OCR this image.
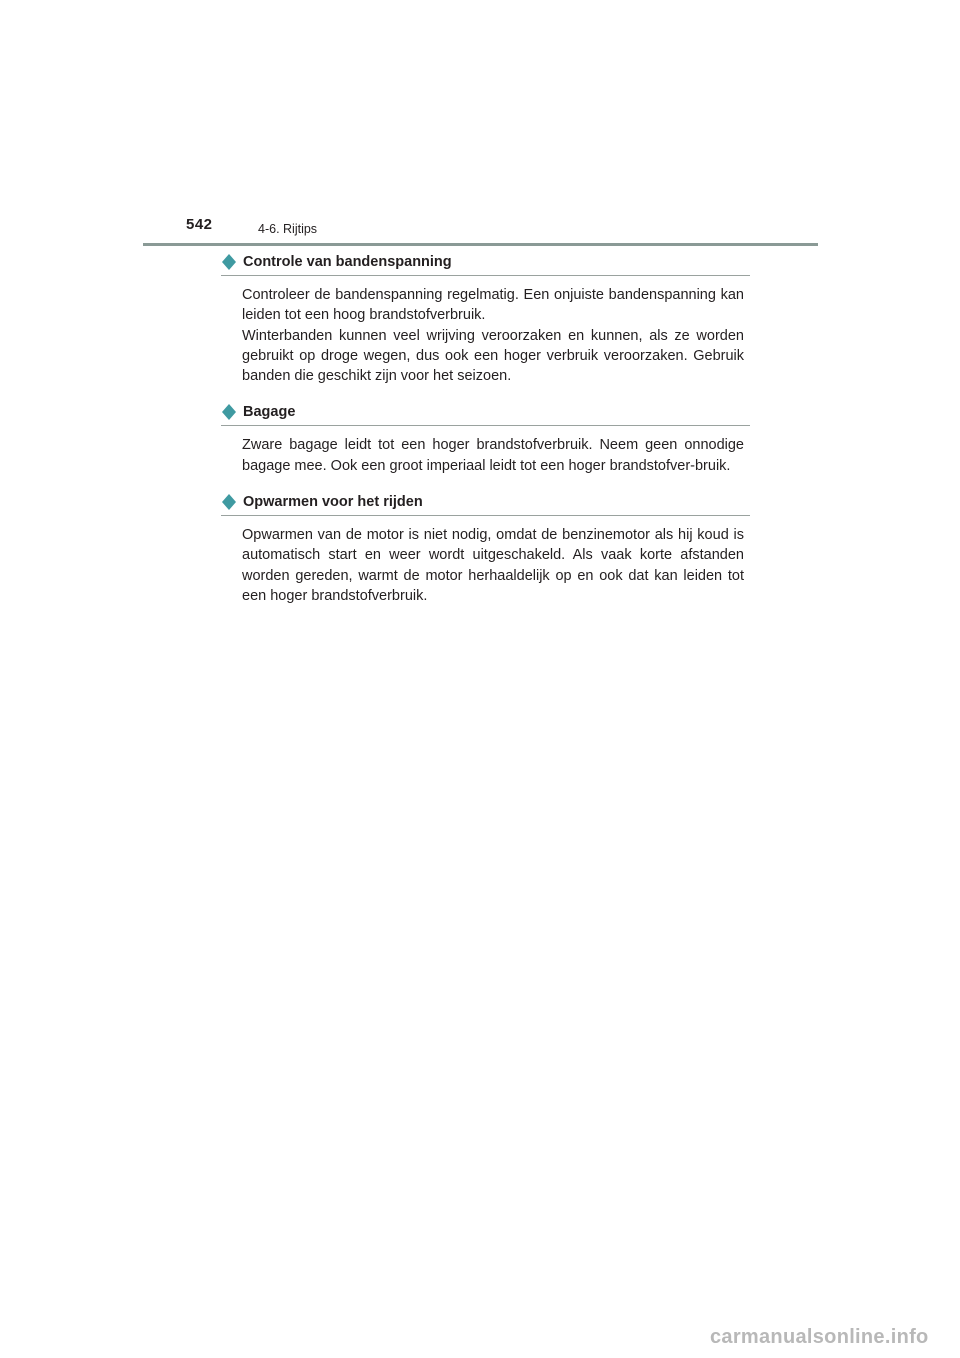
542	4-6. Rijtips
Controle van bandenspanning

Controleer de bandenspanning regelmatig. Een onjuiste bandenspanning kan leiden tot een hoog brandstofverbruik.

Winterbanden kunnen veel wrijving veroorzaken en kunnen, als ze worden gebruikt op droge wegen, dus ook een hoger verbruik veroorzaken. Gebruik banden die geschikt zijn voor het seizoen.

Bagage

Zware bagage leidt tot een hoger brandstofverbruik. Neem geen onnodige bagage mee. Ook een groot imperiaal leidt tot een hoger brandstofver-bruik.

Opwarmen voor het rijden

Opwarmen van de motor is niet nodig, omdat de benzinemotor als hij koud is automatisch start en weer wordt uitgeschakeld. Als vaak korte afstanden worden gereden, warmt de motor herhaaldelijk op en ook dat kan leiden tot een hoger brandstofverbruik.

carmanualsonline.info
